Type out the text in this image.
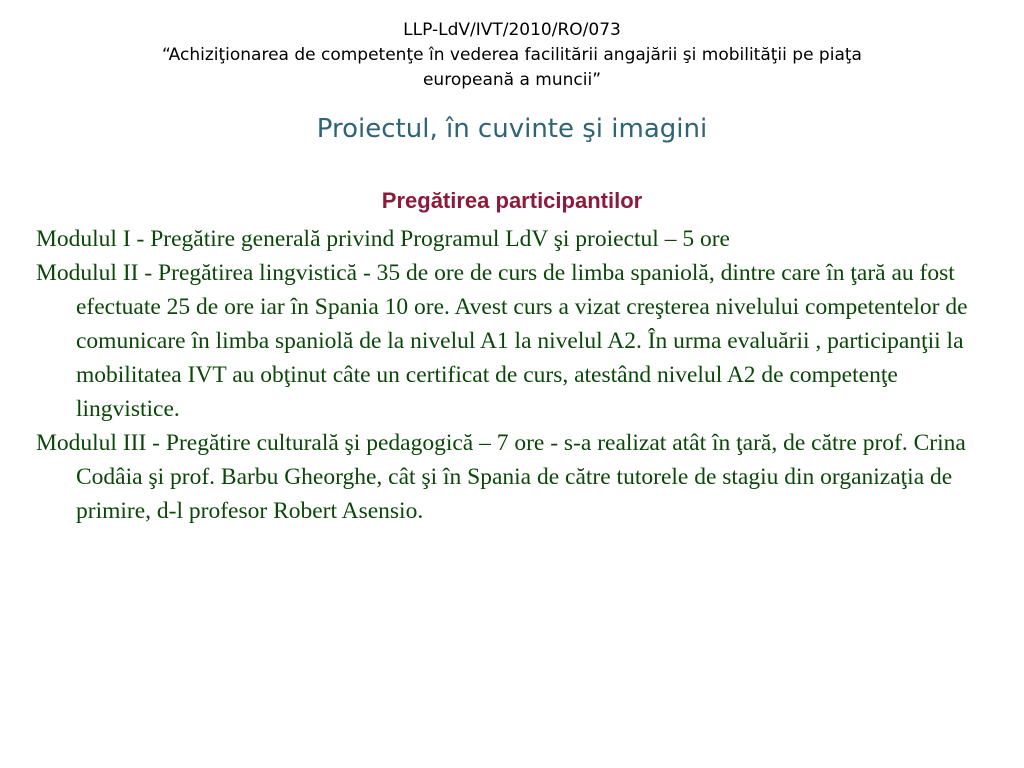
LLP-LdV/IVT/2010/RO/073
“Achiziţionarea de competenţe în vederea facilitării angajării şi mobilităţii pe piaţa
europeană a muncii”
Proiectul, în cuvinte şi imagini
Pregătirea participantilor
Modulul I - Pregătire generală privind Programul LdV şi proiectul – 5 ore
Modulul II - Pregătirea lingvistică - 35 de ore de curs de limba spaniolă, dintre care în ţară au fost efectuate 25 de ore iar în Spania 10 ore. Avest curs a vizat creşterea nivelului competentelor de comunicare în limba spaniolă de la nivelul A1 la nivelul A2. În urma evaluării , participanţii la mobilitatea IVT au obţinut câte un certificat de curs, atestând nivelul A2 de competenţe lingvistice.
Modulul III - Pregătire culturală şi pedagogică – 7 ore - s-a realizat atât în ţară, de către prof. Crina Codâia şi prof. Barbu Gheorghe, cât şi în Spania de către tutorele de stagiu din organizaţia de primire, d-l profesor Robert Asensio.
